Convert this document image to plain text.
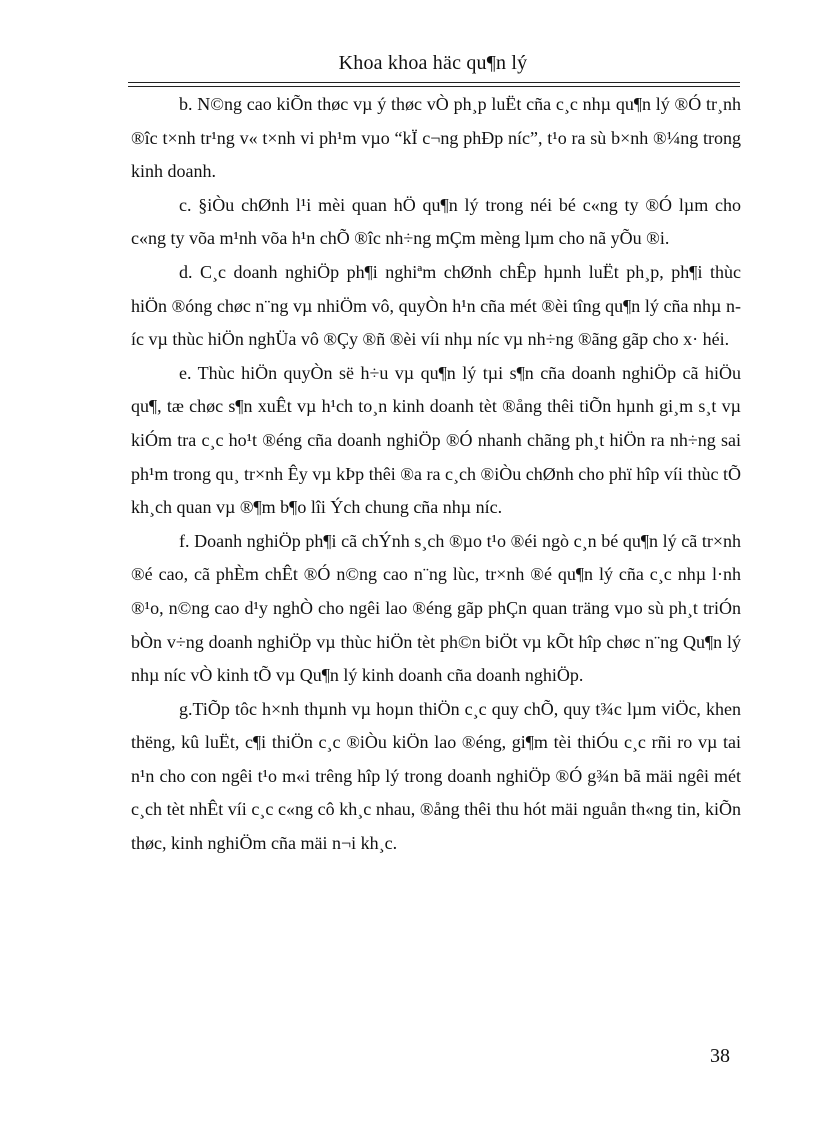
Khoa khoa häc qu¶n lý

b. N©ng cao kiÕn thøc vµ ý thøc vÒ ph¸p luËt cña c¸c nhµ qu¶n lý ®Ó tr¸nh ®îc t×nh tr¹ng v« t×nh vi ph¹m vµo “kÏ c¬ng phÐp níc”, t¹o ra sù b×nh ®¼ng trong kinh doanh.

c. §iÒu chØnh l¹i mèi quan hÖ qu¶n lý trong néi bé c«ng ty ®Ó lµm cho c«ng ty võa m¹nh võa h¹n chÕ ®îc nh÷ng mÇm mèng lµm cho nã yÕu ®i.

d. C¸c doanh nghiÖp ph¶i nghiªm chØnh chÊp hµnh luËt ph¸p, ph¶i thùc hiÖn ®óng chøc n¨ng vµ nhiÖm vô, quyÒn h¹n cña mét ®èi tîng qu¶n lý cña nhµ níc vµ thùc hiÖn nghÜa vô ®Çy ®ñ ®èi víi nhµ níc vµ nh÷ng ®ãng gãp cho x· héi.

e. Thùc hiÖn quyÒn së h÷u vµ qu¶n lý tµi s¶n cña doanh nghiÖp cã hiÖu qu¶, tæ chøc s¶n xuÊt vµ h¹ch to¸n kinh doanh tèt ®ång thêi tiÕn hµnh gi¸m s¸t vµ kiÓm tra c¸c ho¹t ®éng cña doanh nghiÖp ®Ó nhanh chãng ph¸t hiÖn ra nh÷ng sai ph¹m trong qu¸ tr×nh Êy vµ kÞp thêi ®a ra c¸ch ®iÒu chØnh cho phï hîp víi thùc tÕ kh¸ch quan vµ ®¶m b¶o lîi Ých chung cña nhµ níc.

f. Doanh nghiÖp ph¶i cã chÝnh s¸ch ®µo t¹o ®éi ngò c¸n bé qu¶n lý cã tr×nh ®é cao, cã phÈm chÊt ®Ó n©ng cao n¨ng lùc, tr×nh ®é qu¶n lý cña c¸c nhµ l·nh ®¹o, n©ng cao d¹y nghÒ cho ngêi lao ®éng gãp phÇn quan träng vµo sù ph¸t triÓn bÒn v÷ng doanh nghiÖp vµ thùc hiÖn tèt ph©n biÖt vµ kÕt hîp chøc n¨ng Qu¶n lý nhµ níc vÒ kinh tÕ vµ Qu¶n lý kinh doanh cña doanh nghiÖp.

g.TiÕp tôc h×nh thµnh vµ hoµn thiÖn c¸c quy chÕ, quy t¾c lµm viÖc, khen thëng, kû luËt, c¶i thiÖn c¸c ®iÒu kiÖn lao ®éng, gi¶m tèi thiÓu c¸c rñi ro vµ tai n¹n cho con ngêi t¹o m«i trêng hîp lý trong doanh nghiÖp ®Ó g¾n bã mäi ngêi mét c¸ch tèt nhÊt víi c¸c c«ng cô kh¸c nhau, ®ång thêi thu hót mäi nguån th«ng tin, kiÕn thøc, kinh nghiÖm cña mäi n¬i kh¸c.

38
